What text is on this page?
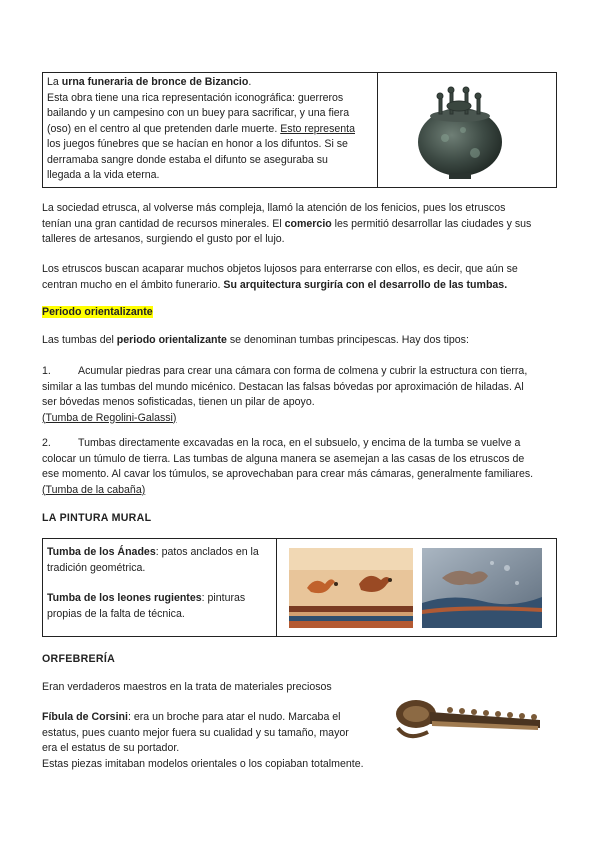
La urna funeraria de bronce de Bizancio.

Esta obra tiene una rica representación iconográfica: guerreros

bailando y un campesino con un buey para sacrificar, y una fiera

(oso) en el centro al que pretenden darle muerte. Esto representa

los juegos fúnebres que se hacían en honor a los difuntos. Si se

derramaba sangre donde estaba el difunto se aseguraba su

llegada a la vida eterna.

La sociedad etrusca, al volverse más compleja, llamó la atención de los fenicios, pues los etruscos

tenían una gran cantidad de recursos minerales. El comercio les permitió desarrollar las ciudades y sus

talleres de artesanos, surgiendo el gusto por el lujo.

Los etruscos buscan acaparar muchos objetos lujosos para enterrarse con ellos, es decir, que aún se

centran mucho en el ámbito funerario. Su arquitectura surgiría con el desarrollo de las tumbas.

Periodo orientalizante

Las tumbas del periodo orientalizante se denominan tumbas principescas. Hay dos tipos:

1.	Acumular piedras para crear una cámara con forma de colmena y cubrir la estructura con tierra,

similar a las tumbas del mundo micénico. Destacan las falsas bóvedas por aproximación de hiladas. Al

ser bóvedas menos sofisticadas, tienen un pilar de apoyo.

(Tumba de Regolini-Galassi)

2.	Tumbas directamente excavadas en la roca, en el subsuelo, y encima de la tumba se vuelve a

colocar un túmulo de tierra. Las tumbas de alguna manera se asemejan a las casas de los etruscos de

ese momento. Al cavar los túmulos, se aprovechaban para crear más cámaras, generalmente familiares.

(Tumba de la cabaña)

LA PINTURA MURAL

Tumba de los Ánades: patos anclados en la

tradición geométrica.

Tumba de los leones rugientes: pinturas

propias de la falta de técnica.

ORFEBRERÍA
Eran verdaderos maestros en la trata de materiales preciosos

Fíbula de Corsini: era un broche para atar el nudo. Marcaba el

estatus, pues cuanto mejor fuera su cualidad y su tamaño, mayor

era el estatus de su portador.

Estas piezas imitaban modelos orientales o los copiaban totalmente.
